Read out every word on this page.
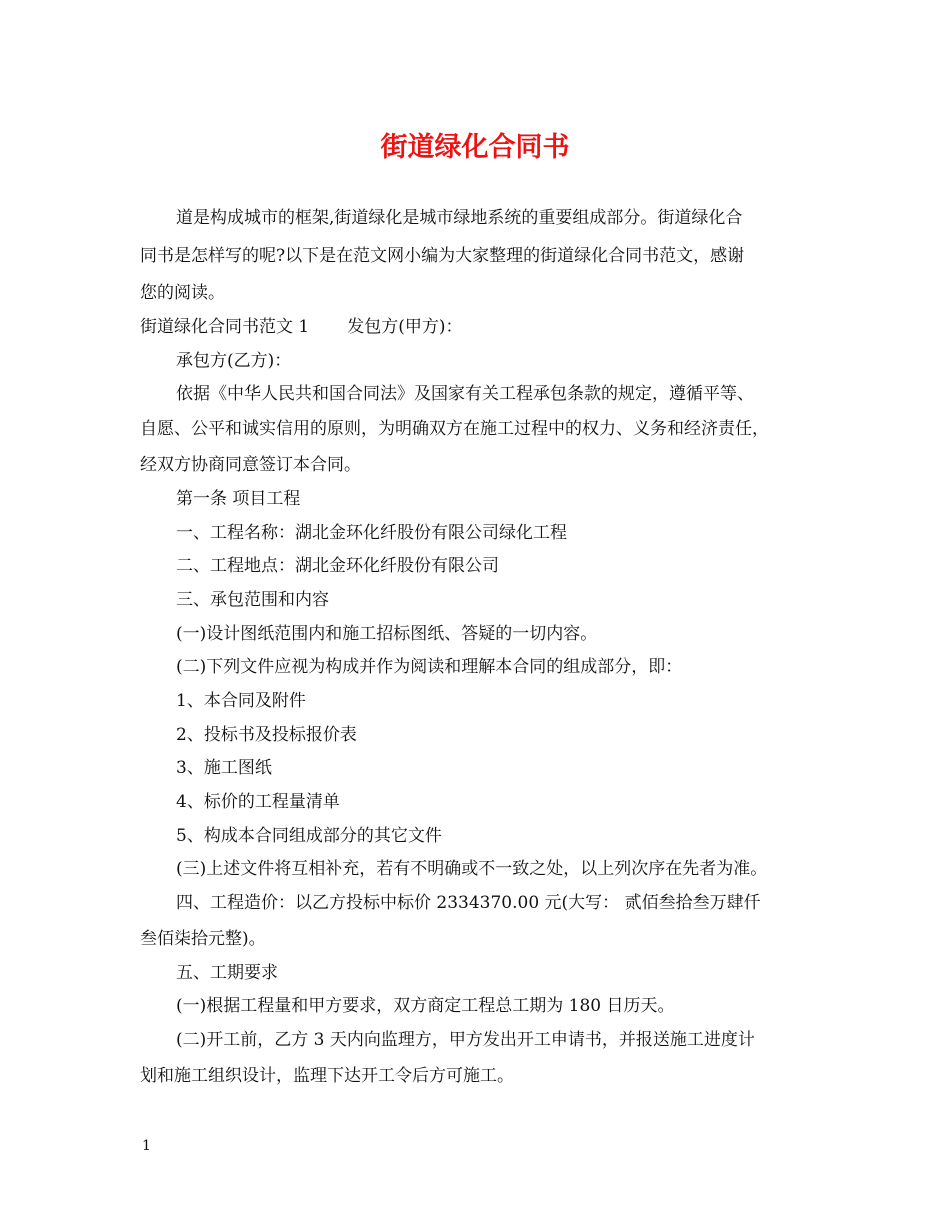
街道绿化合同书

道是构成城市的框架,街道绿化是城市绿地系统的重要组成部分。街道绿化合

同书是怎样写的呢?以下是在范文网小编为大家整理的街道绿化合同书范文，感谢

您的阅读。

街道绿化合同书范文 1 发包方(甲方)：

承包方(乙方)：

依据《中华人民共和国合同法》及国家有关工程承包条款的规定，遵循平等、

自愿、公平和诚实信用的原则，为明确双方在施工过程中的权力、义务和经济责任，

经双方协商同意签订本合同。

第一条 项目工程

一、工程名称：湖北金环化纤股份有限公司绿化工程

二、工程地点：湖北金环化纤股份有限公司

三、承包范围和内容

(一)设计图纸范围内和施工招标图纸、答疑的一切内容。

(二)下列文件应视为构成并作为阅读和理解本合同的组成部分，即：

1、本合同及附件

2、投标书及投标报价表

3、施工图纸

4、标价的工程量清单

5、构成本合同组成部分的其它文件

(三)上述文件将互相补充，若有不明确或不一致之处，以上列次序在先者为准。

四、工程造价：以乙方投标中标价 2334370.00 元(大写： 贰佰叁拾叁万肆仟

叁佰柒拾元整)。

五、工期要求

(一)根据工程量和甲方要求，双方商定工程总工期为 180 日历天。

(二)开工前，乙方 3 天内向监理方，甲方发出开工申请书，并报送施工进度计

划和施工组织设计，监理下达开工令后方可施工。

1
